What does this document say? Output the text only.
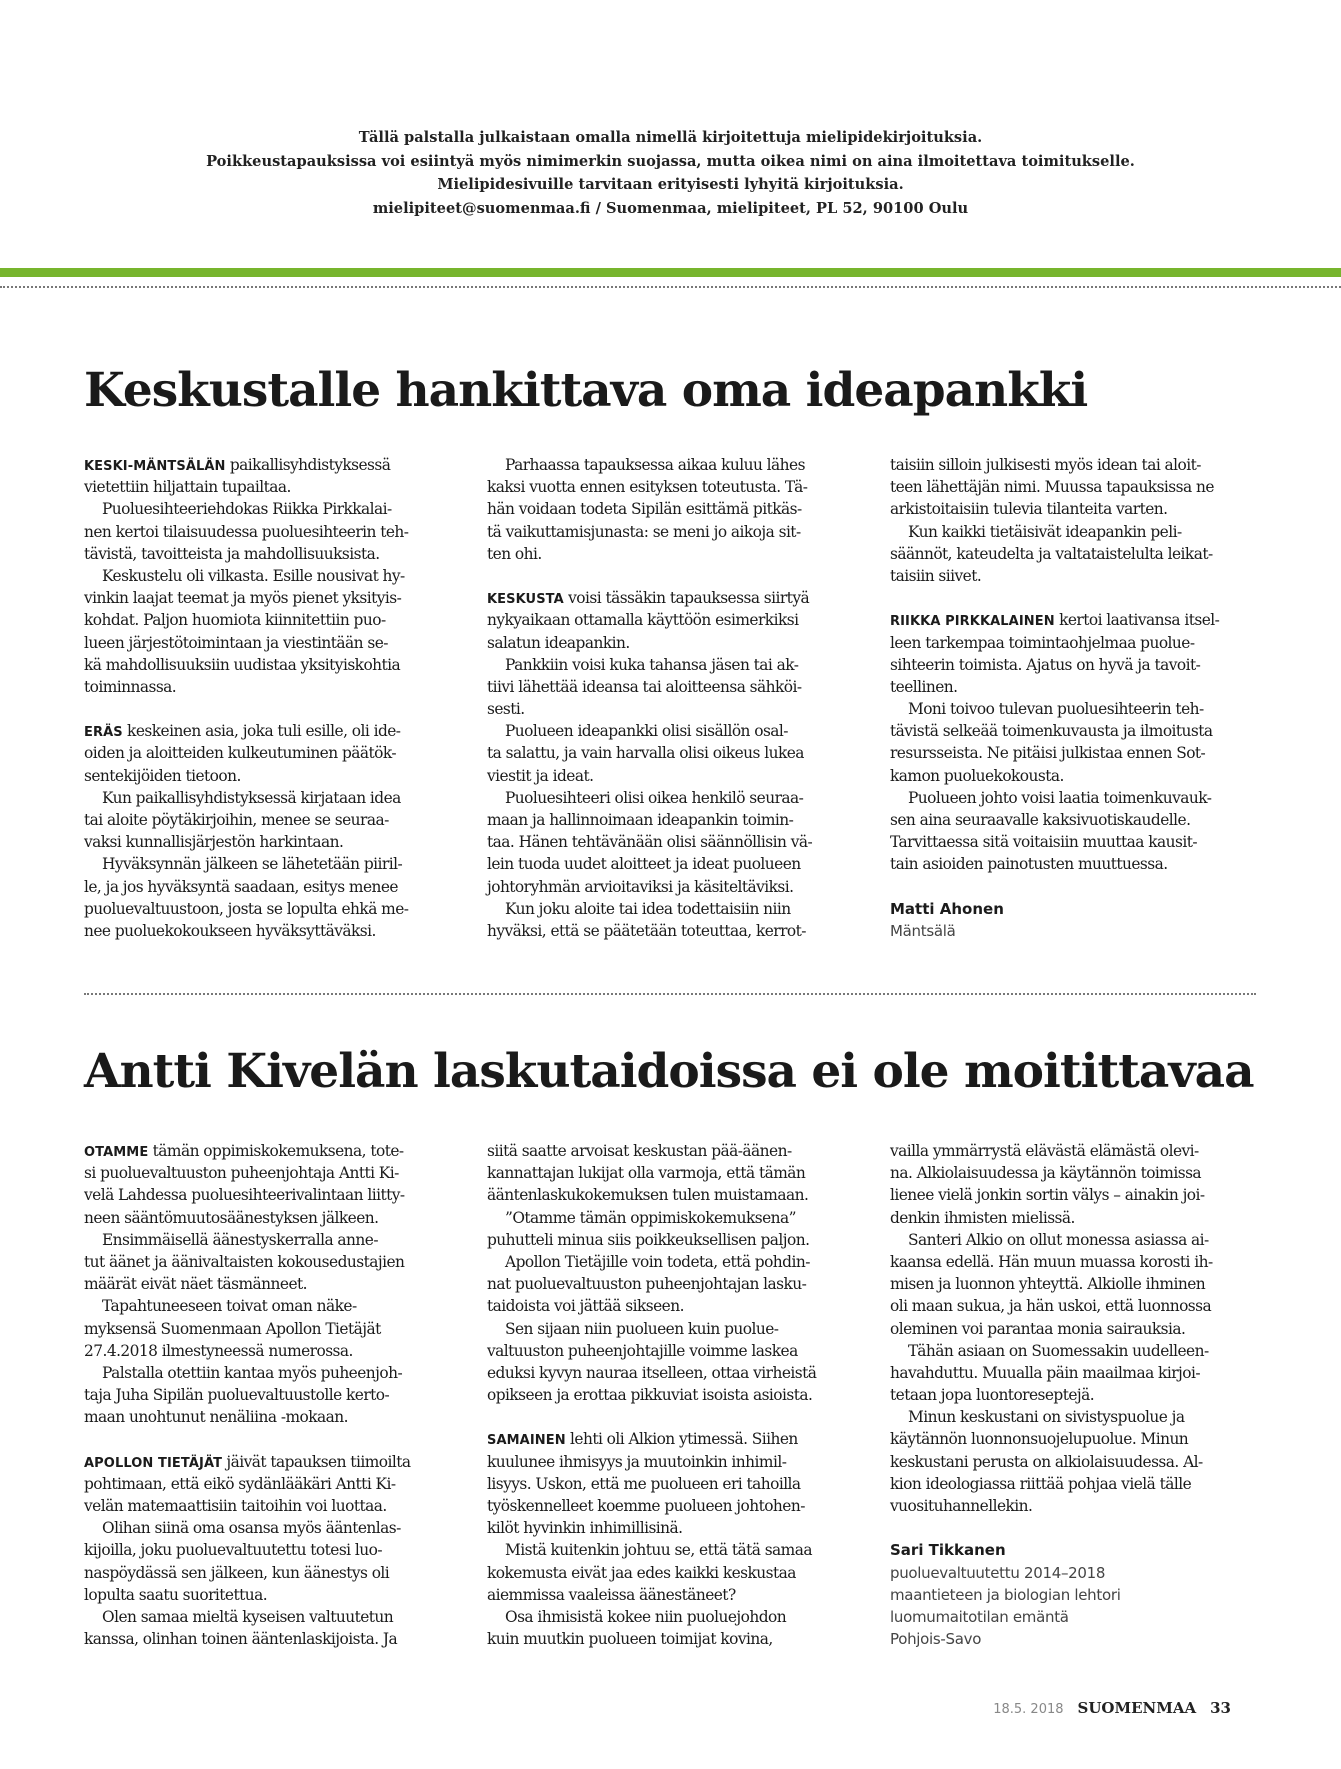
Tällä palstalla julkaistaan omalla nimellä kirjoitettuja mielipidekirjoituksia.
Poikkeustapauksissa voi esiintyä myös nimimerkin suojassa, mutta oikea nimi on aina ilmoitettava toimitukselle.
Mielipidesivuille tarvitaan erityisesti lyhyitä kirjoituksia.
mielipiteet@suomenmaa.fi / Suomenmaa, mielipiteet, PL 52, 90100 Oulu
Keskustalle hankittava oma ideapankki
KESKI-MÄNTSÄLÄN paikallisyhdistyksessä
vietettiin hiljattain tupailtaa.
Puoluesihteeriehdokas Riikka Pirkkalai-
nen kertoi tilaisuudessa puoluesihteerin teh-
tävistä, tavoitteista ja mahdollisuuksista.
Keskustelu oli vilkasta. Esille nousivat hy-
vinkin laajat teemat ja myös pienet yksityis-
kohdat. Paljon huomiota kiinnitettiin puo-
lueen järjestötoimintaan ja viestintään se-
kä mahdollisuuksiin uudistaa yksityiskohtia
toiminnassa.
ERÄS keskeinen asia, joka tuli esille, oli ide-
oiden ja aloitteiden kulkeutuminen päätök-
sentekijöiden tietoon.
Kun paikallisyhdistyksessä kirjataan idea
tai aloite pöytäkirjoihin, menee se seuraa-
vaksi kunnallisjärjestön harkintaan.
Hyväksynnän jälkeen se lähetetään piiril-
le, ja jos hyväksyntä saadaan, esitys menee
puoluevaltuustoon, josta se lopulta ehkä me-
nee puoluekokoukseen hyväksyttäväksi.
Parhaassa tapauksessa aikaa kuluu lähes
kaksi vuotta ennen esityksen toteutusta. Tä-
hän voidaan todeta Sipilän esittämä pitkäs-
tä vaikuttamisjunasta: se meni jo aikoja sit-
ten ohi.
KESKUSTA voisi tässäkin tapauksessa siirtyä
nykyaikaan ottamalla käyttöön esimerkiksi
salatun ideapankin.
Pankkiin voisi kuka tahansa jäsen tai ak-
tiivi lähettää ideansa tai aloitteensa sähköi-
sesti.
Puolueen ideapankki olisi sisällön osal-
ta salattu, ja vain harvalla olisi oikeus lukea
viestit ja ideat.
Puoluesihteeri olisi oikea henkilö seuraa-
maan ja hallinnoimaan ideapankin toimin-
taa. Hänen tehtävänään olisi säännöllisin vä-
lein tuoda uudet aloitteet ja ideat puolueen
johtoryhmän arvioitaviksi ja käsiteltäviksi.
Kun joku aloite tai idea todettaisiin niin
hyväksi, että se päätetään toteuttaa, kerrot-
taisiin silloin julkisesti myös idean tai aloit-
teen lähettäjän nimi. Muussa tapauksissa ne
arkistoitaisiin tulevia tilanteita varten.
Kun kaikki tietäisivät ideapankin peli-
säännöt, kateudelta ja valtataistelulta leikat-
taisiin siivet.
RIIKKA PIRKKALAINEN kertoi laativansa itsel-
leen tarkempaa toimintaohjelmaa puolue-
sihteerin toimista. Ajatus on hyvä ja tavoit-
teellinen.
Moni toivoo tulevan puoluesihteerin teh-
tävistä selkeää toimenkuvausta ja ilmoitusta
resursseista. Ne pitäisi julkistaa ennen Sot-
kamon puoluekokousta.
Puolueen johto voisi laatia toimenkuvauk-
sen aina seuraavalle kaksivuotiskaudelle.
Tarvittaessa sitä voitaisiin muuttaa kausit-
tain asioiden painotusten muuttuessa.
Matti Ahonen
Mäntsälä
Antti Kivelän laskutaidoissa ei ole moitittavaa
OTAMME tämän oppimiskokemuksena, tote-
si puoluevaltuuston puheenjohtaja Antti Ki-
velä Lahdessa puoluesihteerivalintaan liitty-
neen sääntömuutosäänestyksen jälkeen.
Ensimmäisellä äänestyskerralla anne-
tut äänet ja äänivaltaisten kokousedustajien
määrät eivät näet täsmänneet.
Tapahtuneeseen toivat oman näke-
myksensä Suomenmaan Apollon Tietäjät
27.4.2018 ilmestyneessä numerossa.
Palstalla otettiin kantaa myös puheenjoh-
taja Juha Sipilän puoluevaltuustolle kerto-
maan unohtunut nenäliina -mokaan.
APOLLON TIETÄJÄT jäivät tapauksen tiimoilta
pohtimaan, että eikö sydänlääkäri Antti Ki-
velän matemaattisiin taitoihin voi luottaa.
Olihan siinä oma osansa myös ääntenlas-
kijoilla, joku puoluevaltuutettu totesi luo-
naspöydässä sen jälkeen, kun äänestys oli
lopulta saatu suoritettua.
Olen samaa mieltä kyseisen valtuutetun
kanssa, olinhan toinen ääntenlaskijoista. Ja
siitä saatte arvoisat keskustan pää-äänen-
kannattajan lukijat olla varmoja, että tämän
ääntenlaskukokemuksen tulen muistamaan.
”Otamme tämän oppimiskokemuksena”
puhutteli minua siis poikkeuksellisen paljon.
Apollon Tietäjille voin todeta, että pohdin-
nat puoluevaltuuston puheenjohtajan lasku-
taidoista voi jättää sikseen.
Sen sijaan niin puolueen kuin puolue-
valtuuston puheenjohtajille voimme laskea
eduksi kyvyn nauraa itselleen, ottaa virheistä
opikseen ja erottaa pikkuviat isoista asioista.
SAMAINEN lehti oli Alkion ytimessä. Siihen
kuulunee ihmisyys ja muutoinkin inhimil-
lisyys. Uskon, että me puolueen eri tahoilla
työskennelleet koemme puolueen johtohen-
kilöt hyvinkin inhimillisinä.
Mistä kuitenkin johtuu se, että tätä samaa
kokemusta eivät jaa edes kaikki keskustaa
aiemmissa vaaleissa äänestäneet?
Osa ihmisistä kokee niin puoluejohdon
kuin muutkin puolueen toimijat kovina,
vailla ymmärrystä elävästä elämästä olevi-
na. Alkiolaisuudessa ja käytännön toimissa
lienee vielä jonkin sortin välys – ainakin joi-
denkin ihmisten mielissä.
Santeri Alkio on ollut monessa asiassa ai-
kaansa edellä. Hän muun muassa korosti ih-
misen ja luonnon yhteyttä. Alkiolle ihminen
oli maan sukua, ja hän uskoi, että luonnossa
oleminen voi parantaa monia sairauksia.
Tähän asiaan on Suomessakin uudelleen-
havahduttu. Muualla päin maailmaa kirjoi-
tetaan jopa luontoreseptejä.
Minun keskustani on sivistyspuolue ja
käytännön luonnonsuojelupuolue. Minun
keskustani perusta on alkiolaisuudessa. Al-
kion ideologiassa riittää pohjaa vielä tälle
vuosituhannellekin.
Sari Tikkanen
puoluevaltuutettu 2014–2018
maantieteen ja biologian lehtori
luomumaitotilan emäntä
Pohjois-Savo
18.5. 2018 SUOMENMAA 33
